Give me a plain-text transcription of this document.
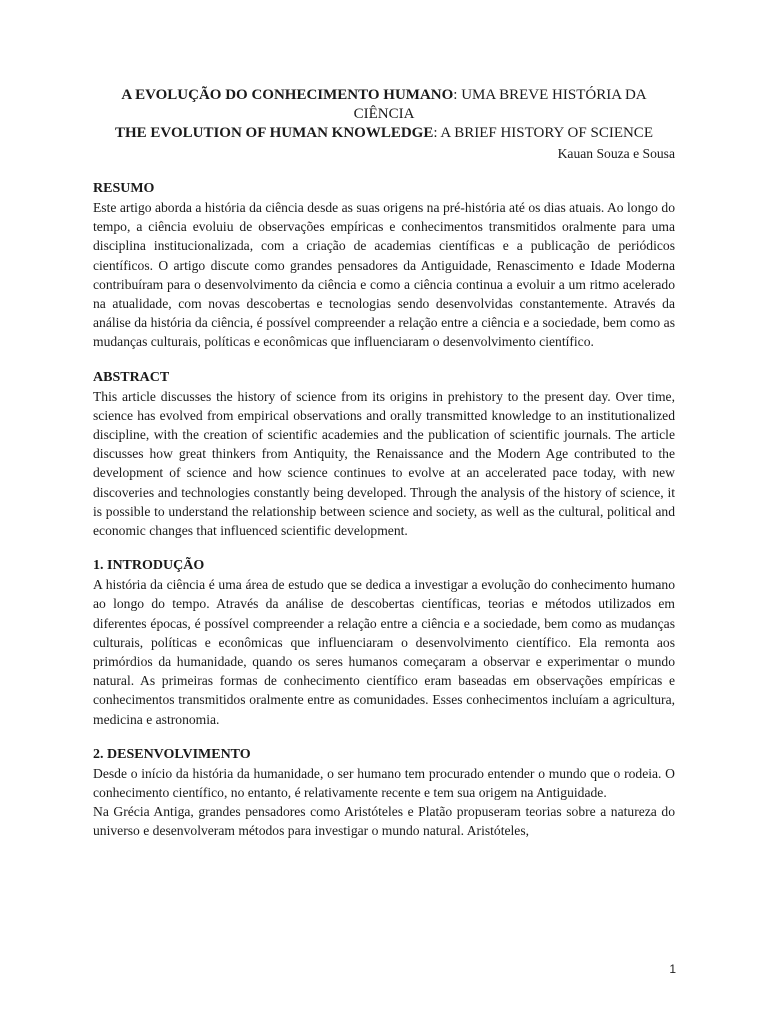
A EVOLUÇÃO DO CONHECIMENTO HUMANO: UMA BREVE HISTÓRIA DA CIÊNCIA

THE EVOLUTION OF HUMAN KNOWLEDGE: A BRIEF HISTORY OF SCIENCE

Kauan Souza e Sousa
RESUMO

Este artigo aborda a história da ciência desde as suas origens na pré-história até os dias atuais. Ao longo do tempo, a ciência evoluiu de observações empíricas e conhecimentos transmitidos oralmente para uma disciplina institucionalizada, com a criação de academias científicas e a publicação de periódicos científicos. O artigo discute como grandes pensadores da Antiguidade, Renascimento e Idade Moderna contribuíram para o desenvolvimento da ciência e como a ciência continua a evoluir a um ritmo acelerado na atualidade, com novas descobertas e tecnologias sendo desenvolvidas constantemente. Através da análise da história da ciência, é possível compreender a relação entre a ciência e a sociedade, bem como as mudanças culturais, políticas e econômicas que influenciaram o desenvolvimento científico.

ABSTRACT

This article discusses the history of science from its origins in prehistory to the present day. Over time, science has evolved from empirical observations and orally transmitted knowledge to an institutionalized discipline, with the creation of scientific academies and the publication of scientific journals. The article discusses how great thinkers from Antiquity, the Renaissance and the Modern Age contributed to the development of science and how science continues to evolve at an accelerated pace today, with new discoveries and technologies constantly being developed. Through the analysis of the history of science, it is possible to understand the relationship between science and society, as well as the cultural, political and economic changes that influenced scientific development.

1. INTRODUÇÃO

A história da ciência é uma área de estudo que se dedica a investigar a evolução do conhecimento humano ao longo do tempo. Através da análise de descobertas científicas, teorias e métodos utilizados em diferentes épocas, é possível compreender a relação entre a ciência e a sociedade, bem como as mudanças culturais, políticas e econômicas que influenciaram o desenvolvimento científico. Ela remonta aos primórdios da humanidade, quando os seres humanos começaram a observar e experimentar o mundo natural. As primeiras formas de conhecimento científico eram baseadas em observações empíricas e conhecimentos transmitidos oralmente entre as comunidades. Esses conhecimentos incluíam a agricultura, medicina e astronomia.

2. DESENVOLVIMENTO

Desde o início da história da humanidade, o ser humano tem procurado entender o mundo que o rodeia. O conhecimento científico, no entanto, é relativamente recente e tem sua origem na Antiguidade.

Na Grécia Antiga, grandes pensadores como Aristóteles e Platão propuseram teorias sobre a natureza do universo e desenvolveram métodos para investigar o mundo natural. Aristóteles,

1
